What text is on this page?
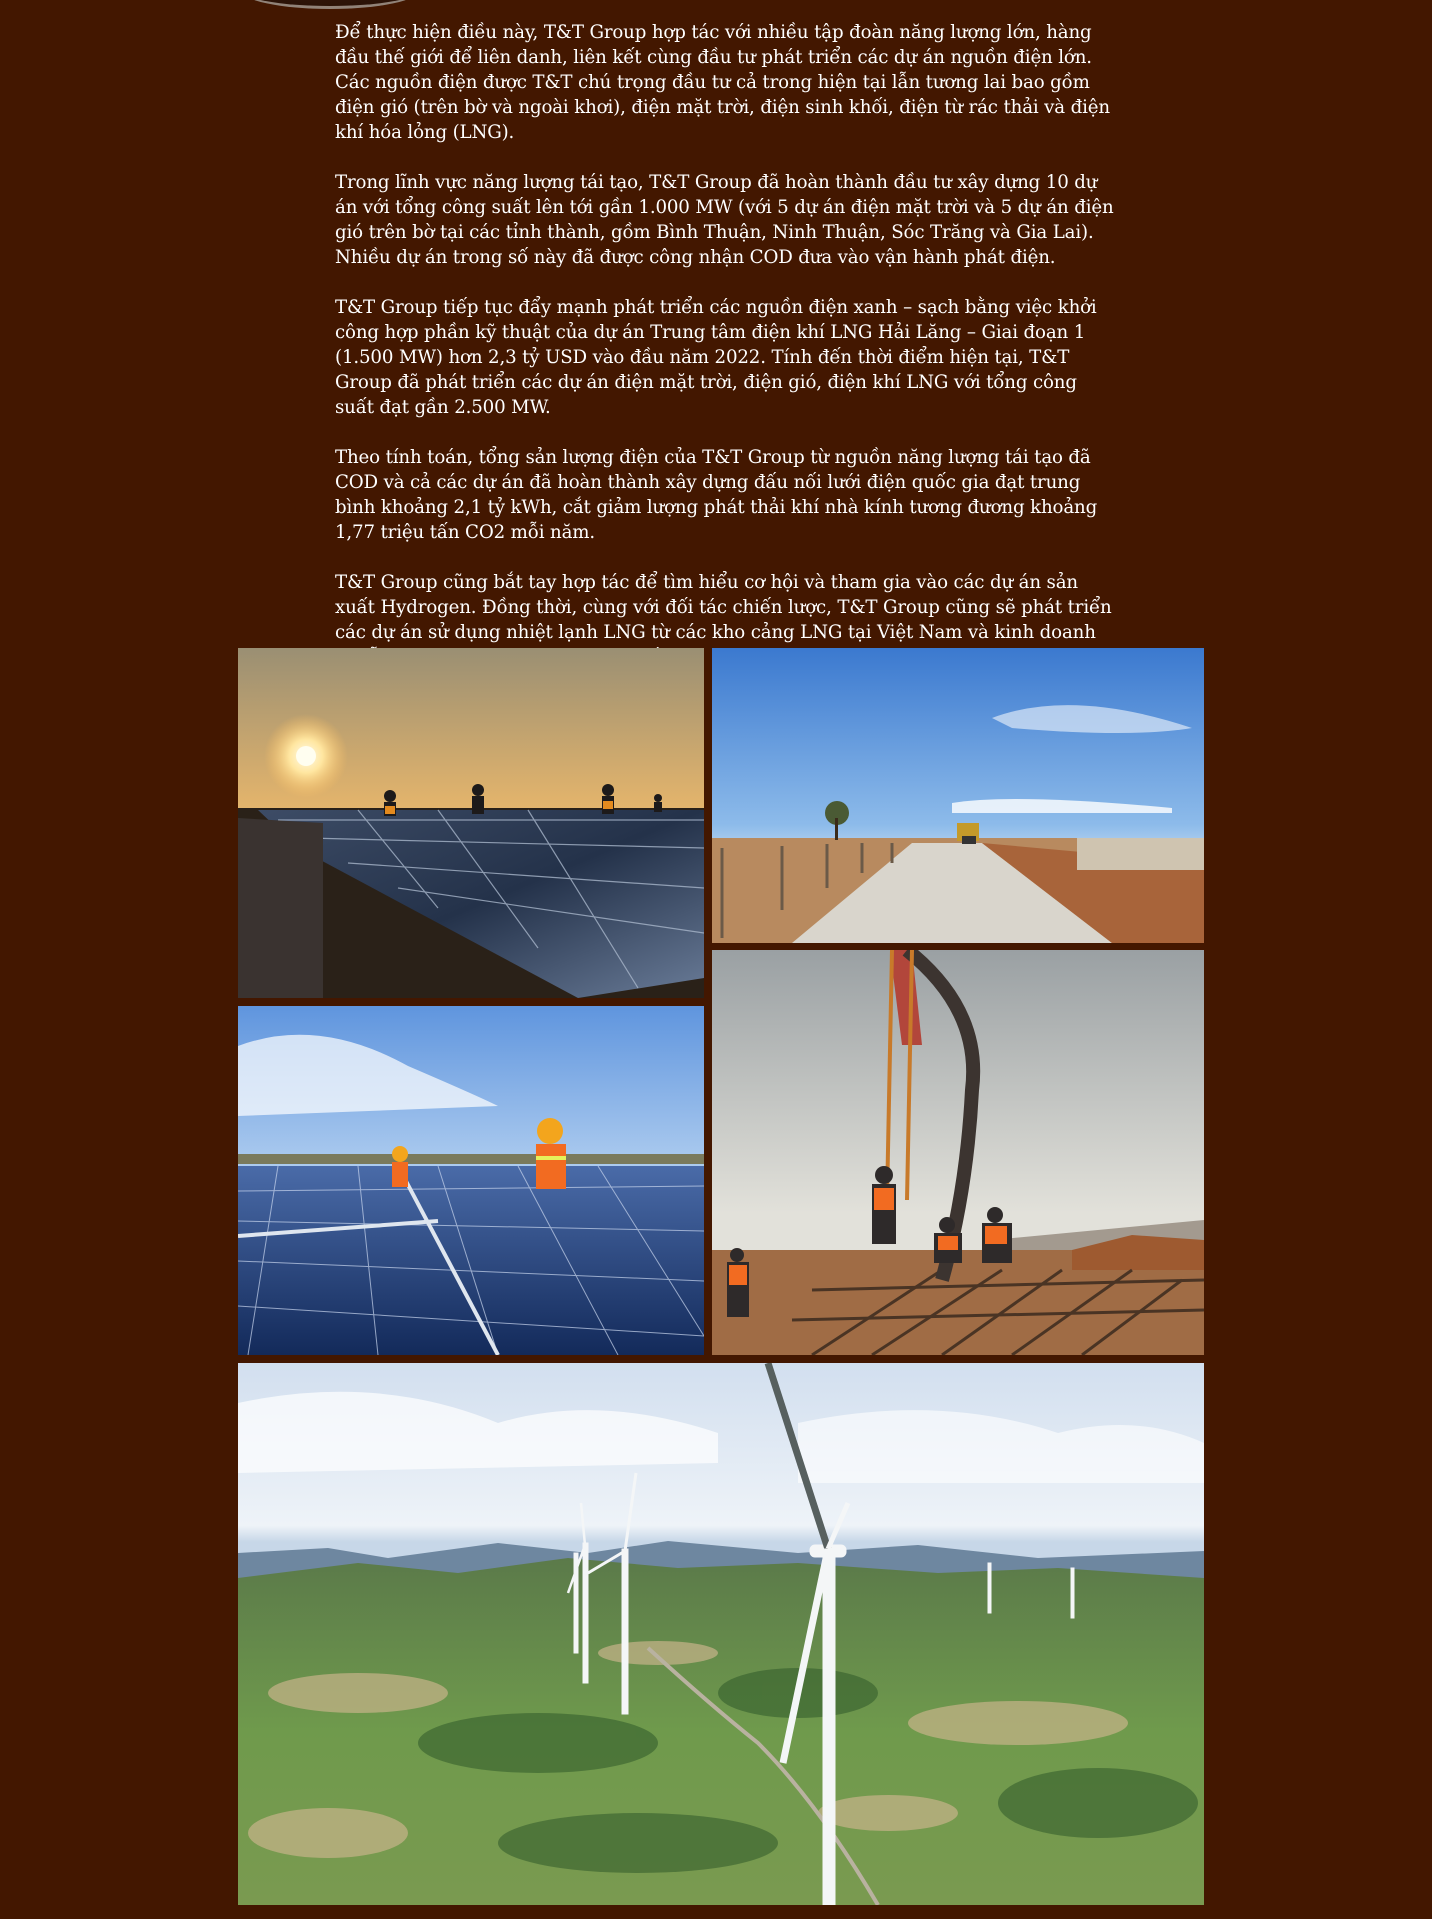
Để thực hiện điều này, T&T Group hợp tác với nhiều tập đoàn năng lượng lớn, hàng đầu thế giới để liên danh, liên kết cùng đầu tư phát triển các dự án nguồn điện lớn. Các nguồn điện được T&T chú trọng đầu tư cả trong hiện tại lẫn tương lai bao gồm điện gió (trên bờ và ngoài khơi), điện mặt trời, điện sinh khối, điện từ rác thải và điện khí hóa lỏng (LNG).

Trong lĩnh vực năng lượng tái tạo, T&T Group đã hoàn thành đầu tư xây dựng 10 dự án với tổng công suất lên tới gần 1.000 MW (với 5 dự án điện mặt trời và 5 dự án điện gió trên bờ tại các tỉnh thành, gồm Bình Thuận, Ninh Thuận, Sóc Trăng và Gia Lai). Nhiều dự án trong số này đã được công nhận COD đưa vào vận hành phát điện.

T&T Group tiếp tục đẩy mạnh phát triển các nguồn điện xanh – sạch bằng việc khởi công hợp phần kỹ thuật của dự án Trung tâm điện khí LNG Hải Lăng – Giai đoạn 1 (1.500 MW) hơn 2,3 tỷ USD vào đầu năm 2022. Tính đến thời điểm hiện tại, T&T Group đã phát triển các dự án điện mặt trời, điện gió, điện khí LNG với tổng công suất đạt gần 2.500 MW.

Theo tính toán, tổng sản lượng điện của T&T Group từ nguồn năng lượng tái tạo đã COD và cả các dự án đã hoàn thành xây dựng đấu nối lưới điện quốc gia đạt trung bình khoảng 2,1 tỷ kWh, cắt giảm lượng phát thải khí nhà kính tương đương khoảng 1,77 triệu tấn CO2 mỗi năm.

T&T Group cũng bắt tay hợp tác để tìm hiểu cơ hội và tham gia vào các dự án sản xuất Hydrogen. Đồng thời, cùng với đối tác chiến lược, T&T Group cũng sẽ phát triển các dự án sử dụng nhiệt lạnh LNG từ các kho cảng LNG tại Việt Nam và kinh doanh
